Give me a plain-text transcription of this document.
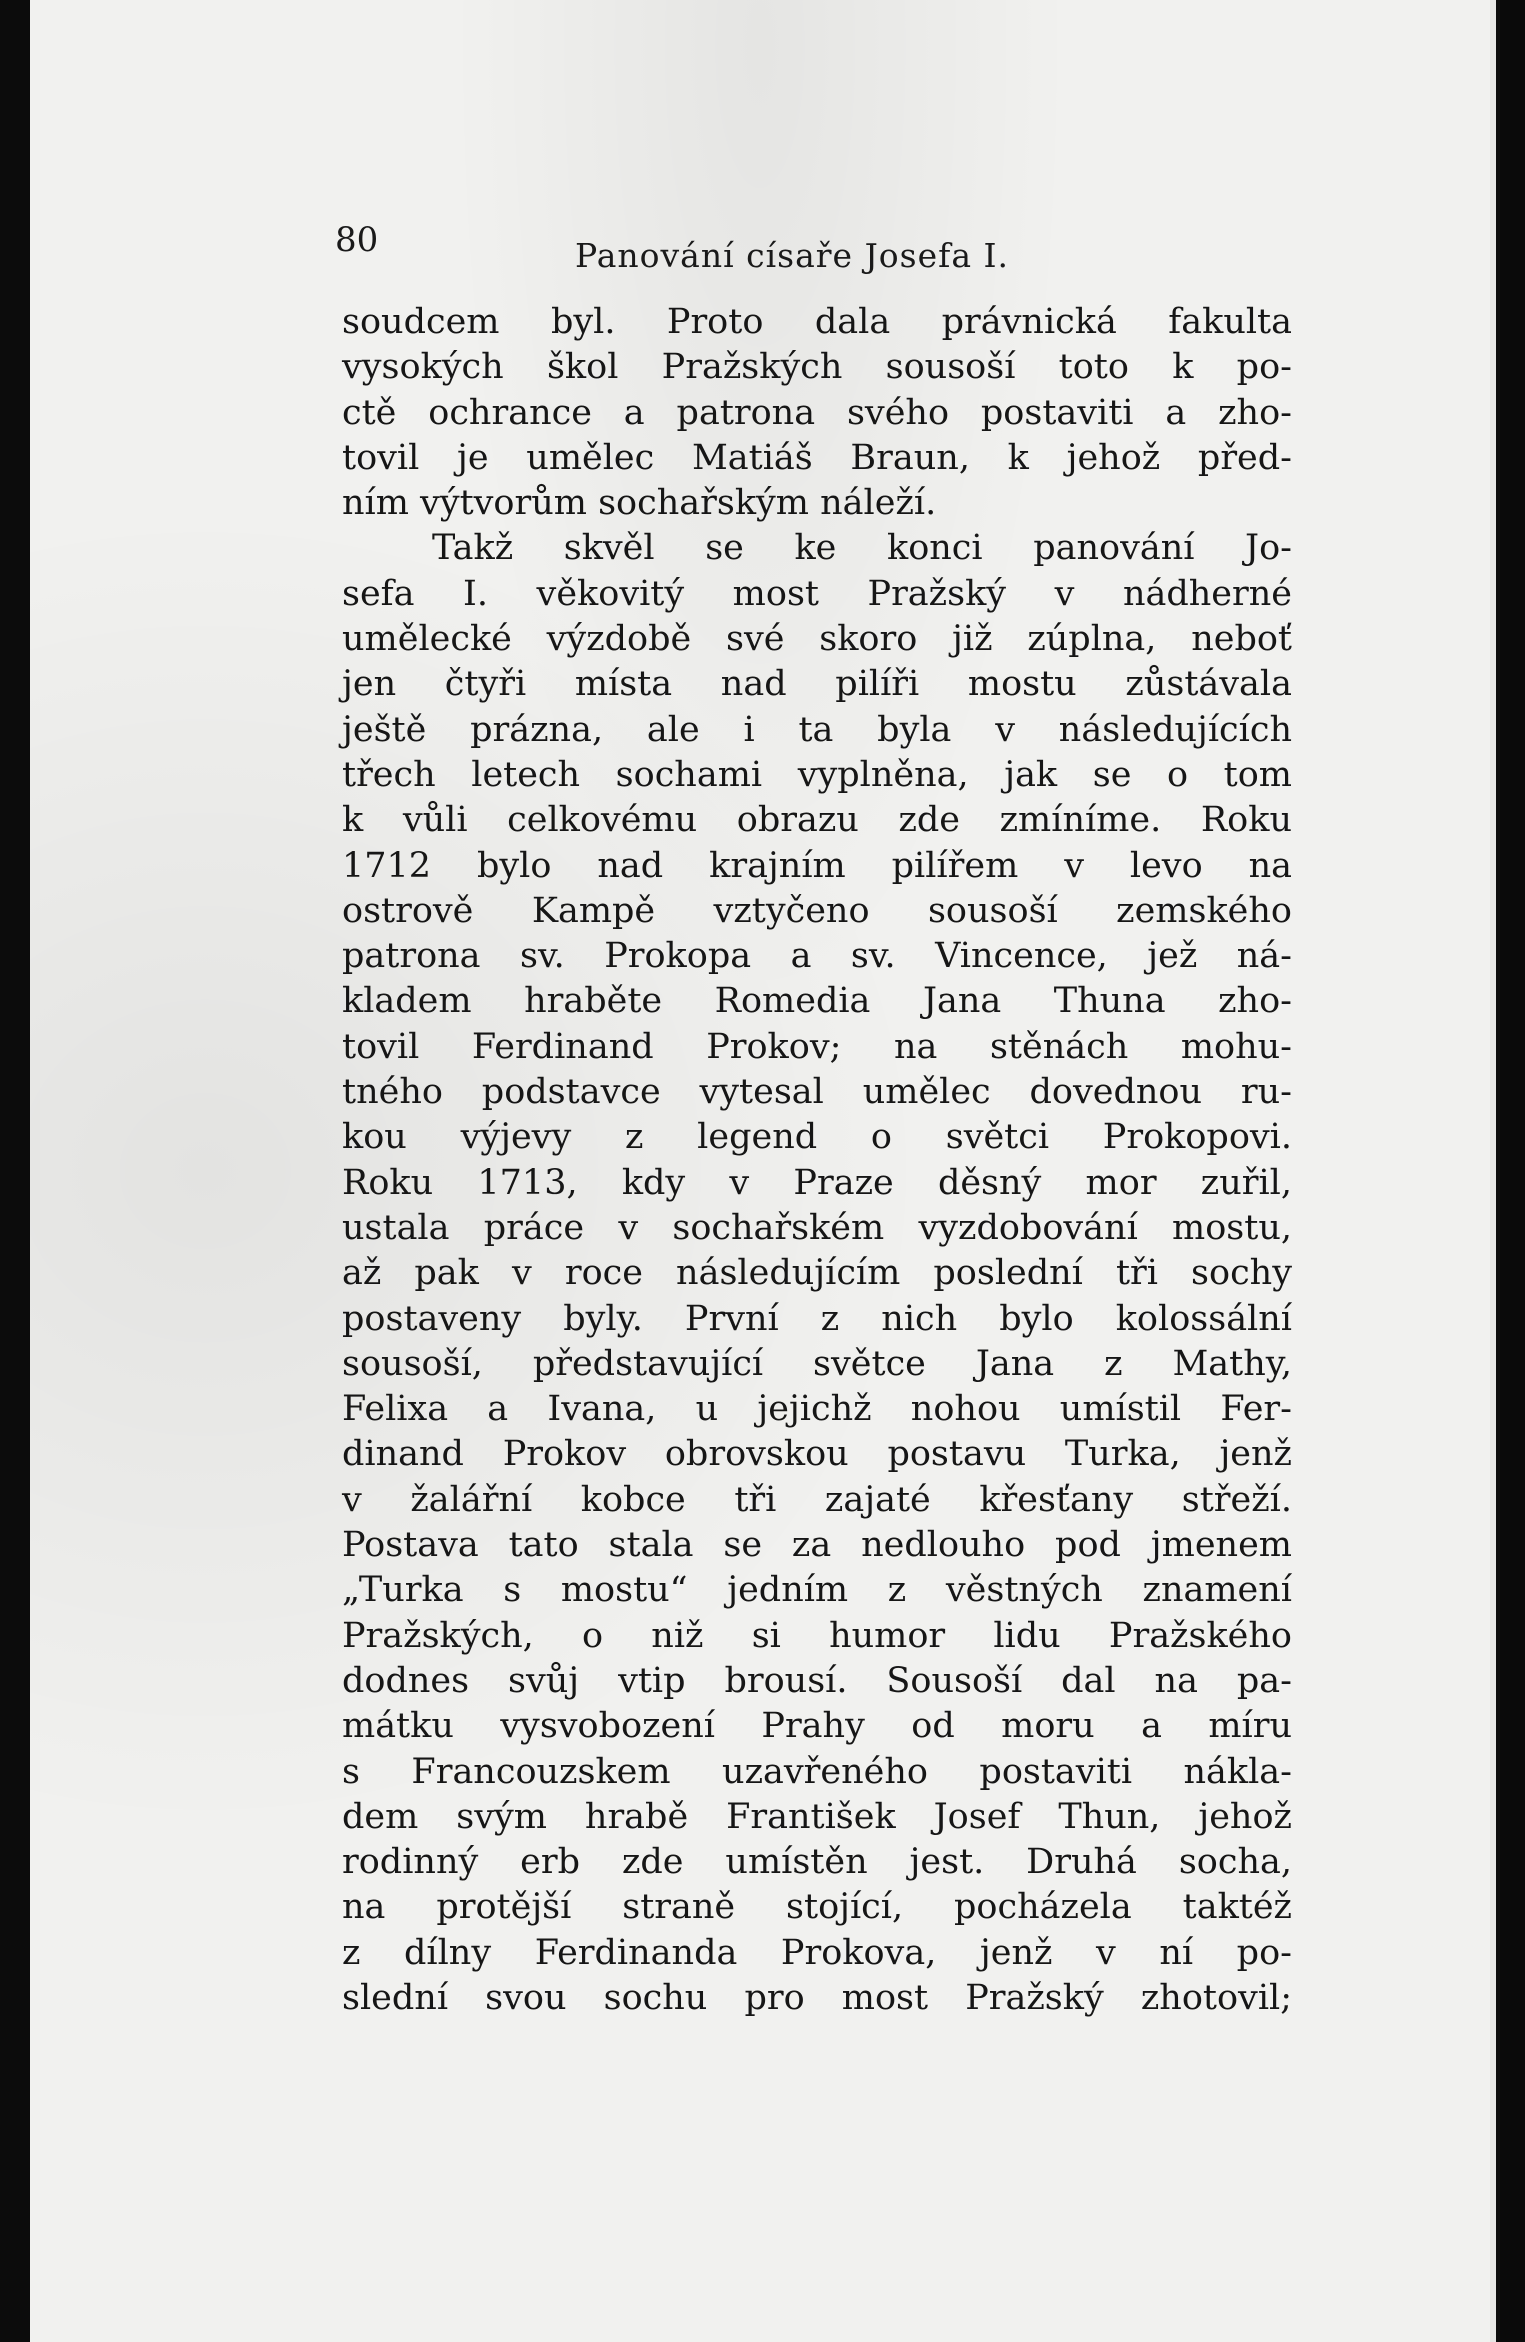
80	Panování císaře Josefa I.
soudcem byl. Proto dala právnická fakulta
vysokých škol Pražských sousoší toto k po-
ctě ochrance a patrona svého postaviti a zho-
tovil je umělec Matiáš Braun, k jehož před-
ním výtvorům sochařským náleží.
Takž skvěl se ke konci panování Jo-
sefa I. věkovitý most Pražský v nádherné
umělecké výzdobě své skoro již zúplna, neboť
jen čtyři místa nad pilíři mostu zůstávala
ještě prázna, ale i ta byla v následujících
třech letech sochami vyplněna, jak se o tom
k vůli celkovému obrazu zde zmíníme. Roku
1712 bylo nad krajním pilířem v levo na
ostrově Kampě vztyčeno sousoší zemského
patrona sv. Prokopa a sv. Vincence, jež ná-
kladem hraběte Romedia Jana Thuna zho-
tovil Ferdinand Prokov; na stěnách mohu-
tného podstavce vytesal umělec dovednou ru-
kou výjevy z legend o světci Prokopovi.
Roku 1713, kdy v Praze děsný mor zuřil,
ustala práce v sochařském vyzdobování mostu,
až pak v roce následujícím poslední tři sochy
postaveny byly. První z nich bylo kolossální
sousoší, představující světce Jana z Mathy,
Felixa a Ivana, u jejichž nohou umístil Fer-
dinand Prokov obrovskou postavu Turka, jenž
v žalářní kobce tři zajaté křesťany střeží.
Postava tato stala se za nedlouho pod jmenem
„Turka s mostu“ jedním z věstných znamení
Pražských, o niž si humor lidu Pražského
dodnes svůj vtip brousí. Sousoší dal na pa-
mátku vysvobození Prahy od moru a míru
s Francouzskem uzavřeného postaviti náklа-
dem svým hrabě František Josef Thun, jehož
rodinný erb zde umístěn jest. Druhá socha,
na protější straně stojící, pocházela taktéž
z dílny Ferdinanda Prokova, jenž v ní po-
slední svou sochu pro most Pražský zhotovil;
